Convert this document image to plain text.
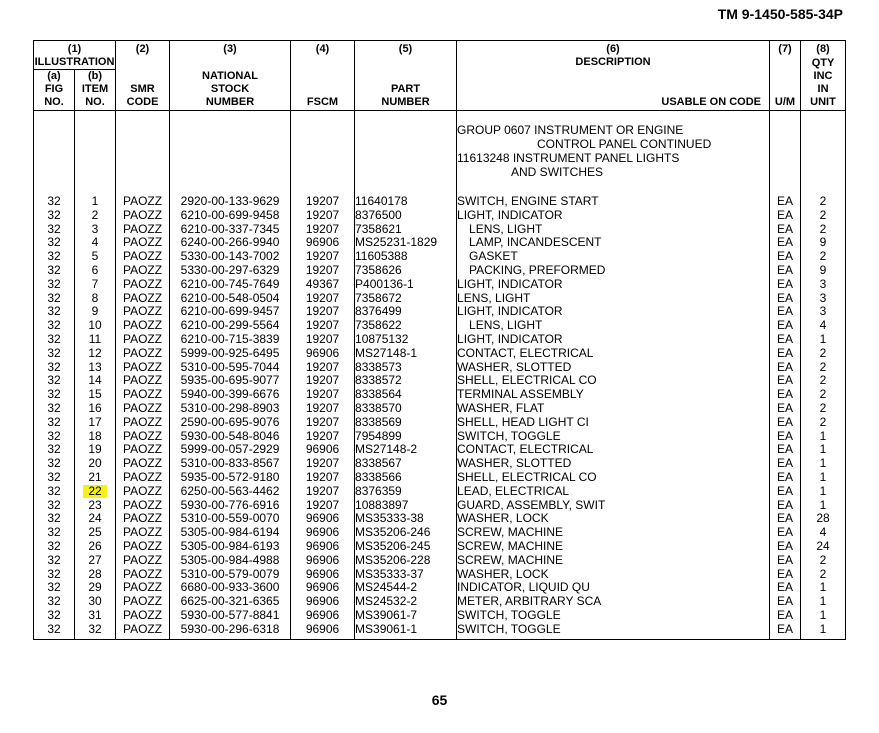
TM 9-1450-585-34P
(1)		(2)	(3)	(4)	(5)	(6)	(7)	(8)
ILLUSTRATION						DESCRIPTION		QTY
(a)	(b)		NATIONAL					INC
FIG	ITEM	SMR	STOCK		PART			IN
NO.	NO.	CODE	NUMBER	FSCM	NUMBER	USABLE ON CODE	U/M	UNIT

						GROUP 0607 INSTRUMENT OR ENGINE		
						CONTROL PANEL CONTINUED		
						11613248 INSTRUMENT PANEL LIGHTS		
						AND SWITCHES		

32	1	PAOZZ	2920-00-133-9629	19207	11640178	SWITCH, ENGINE START	EA	2
32	2	PAOZZ	6210-00-699-9458	19207	8376500	LIGHT, INDICATOR	EA	2
32	3	PAOZZ	6210-00-337-7345	19207	7358621	LENS, LIGHT	EA	2
32	4	PAOZZ	6240-00-266-9940	96906	MS25231-1829	LAMP, INCANDESCENT	EA	9
32	5	PAOZZ	5330-00-143-7002	19207	11605388	GASKET	EA	2
32	6	PAOZZ	5330-00-297-6329	19207	7358626	PACKING, PREFORMED	EA	9
32	7	PAOZZ	6210-00-745-7649	49367	P400136-1	LIGHT, INDICATOR	EA	3
32	8	PAOZZ	6210-00-548-0504	19207	7358672	LENS, LIGHT	EA	3
32	9	PAOZZ	6210-00-699-9457	19207	8376499	LIGHT, INDICATOR	EA	3
32	10	PAOZZ	6210-00-299-5564	19207	7358622	LENS, LIGHT	EA	4
32	11	PAOZZ	6210-00-715-3839	19207	10875132	LIGHT, INDICATOR	EA	1
32	12	PAOZZ	5999-00-925-6495	96906	MS27148-1	CONTACT, ELECTRICAL	EA	2
32	13	PAOZZ	5310-00-595-7044	19207	8338573	WASHER, SLOTTED	EA	2
32	14	PAOZZ	5935-00-695-9077	19207	8338572	SHELL, ELECTRICAL CO	EA	2
32	15	PAOZZ	5940-00-399-6676	19207	8338564	TERMINAL ASSEMBLY	EA	2
32	16	PAOZZ	5310-00-298-8903	19207	8338570	WASHER, FLAT	EA	2
32	17	PAOZZ	2590-00-695-9076	19207	8338569	SHELL, HEAD LIGHT CI	EA	2
32	18	PAOZZ	5930-00-548-8046	19207	7954899	SWITCH, TOGGLE	EA	1
32	19	PAOZZ	5999-00-057-2929	96906	MS27148-2	CONTACT, ELECTRICAL	EA	1
32	20	PAOZZ	5310-00-833-8567	19207	8338567	WASHER, SLOTTED	EA	1
32	21	PAOZZ	5935-00-572-9180	19207	8338566	SHELL, ELECTRICAL CO	EA	1
32	22	PAOZZ	6250-00-563-4462	19207	8376359	LEAD, ELECTRICAL	EA	1
32	23	PAOZZ	5930-00-776-6916	19207	10883897	GUARD, ASSEMBLY, SWIT	EA	1
32	24	PAOZZ	5310-00-559-0070	96906	MS35333-38	WASHER, LOCK	EA	28
32	25	PAOZZ	5305-00-984-6194	96906	MS35206-246	SCREW, MACHINE	EA	4
32	26	PAOZZ	5305-00-984-6193	96906	MS35206-245	SCREW, MACHINE	EA	24
32	27	PAOZZ	5305-00-984-4988	96906	MS35206-228	SCREW, MACHINE	EA	2
32	28	PAOZZ	5310-00-579-0079	96906	MS35333-37	WASHER, LOCK	EA	2
32	29	PAOZZ	6680-00-933-3600	96906	MS24544-2	INDICATOR, LIQUID QU	EA	1
32	30	PAOZZ	6625-00-321-6365	96906	MS24532-2	METER, ARBITRARY SCA	EA	1
32	31	PAOZZ	5930-00-577-8841	96906	MS39061-7	SWITCH, TOGGLE	EA	1
32	32	PAOZZ	5930-00-296-6318	96906	MS39061-1	SWITCH, TOGGLE	EA	1
65
